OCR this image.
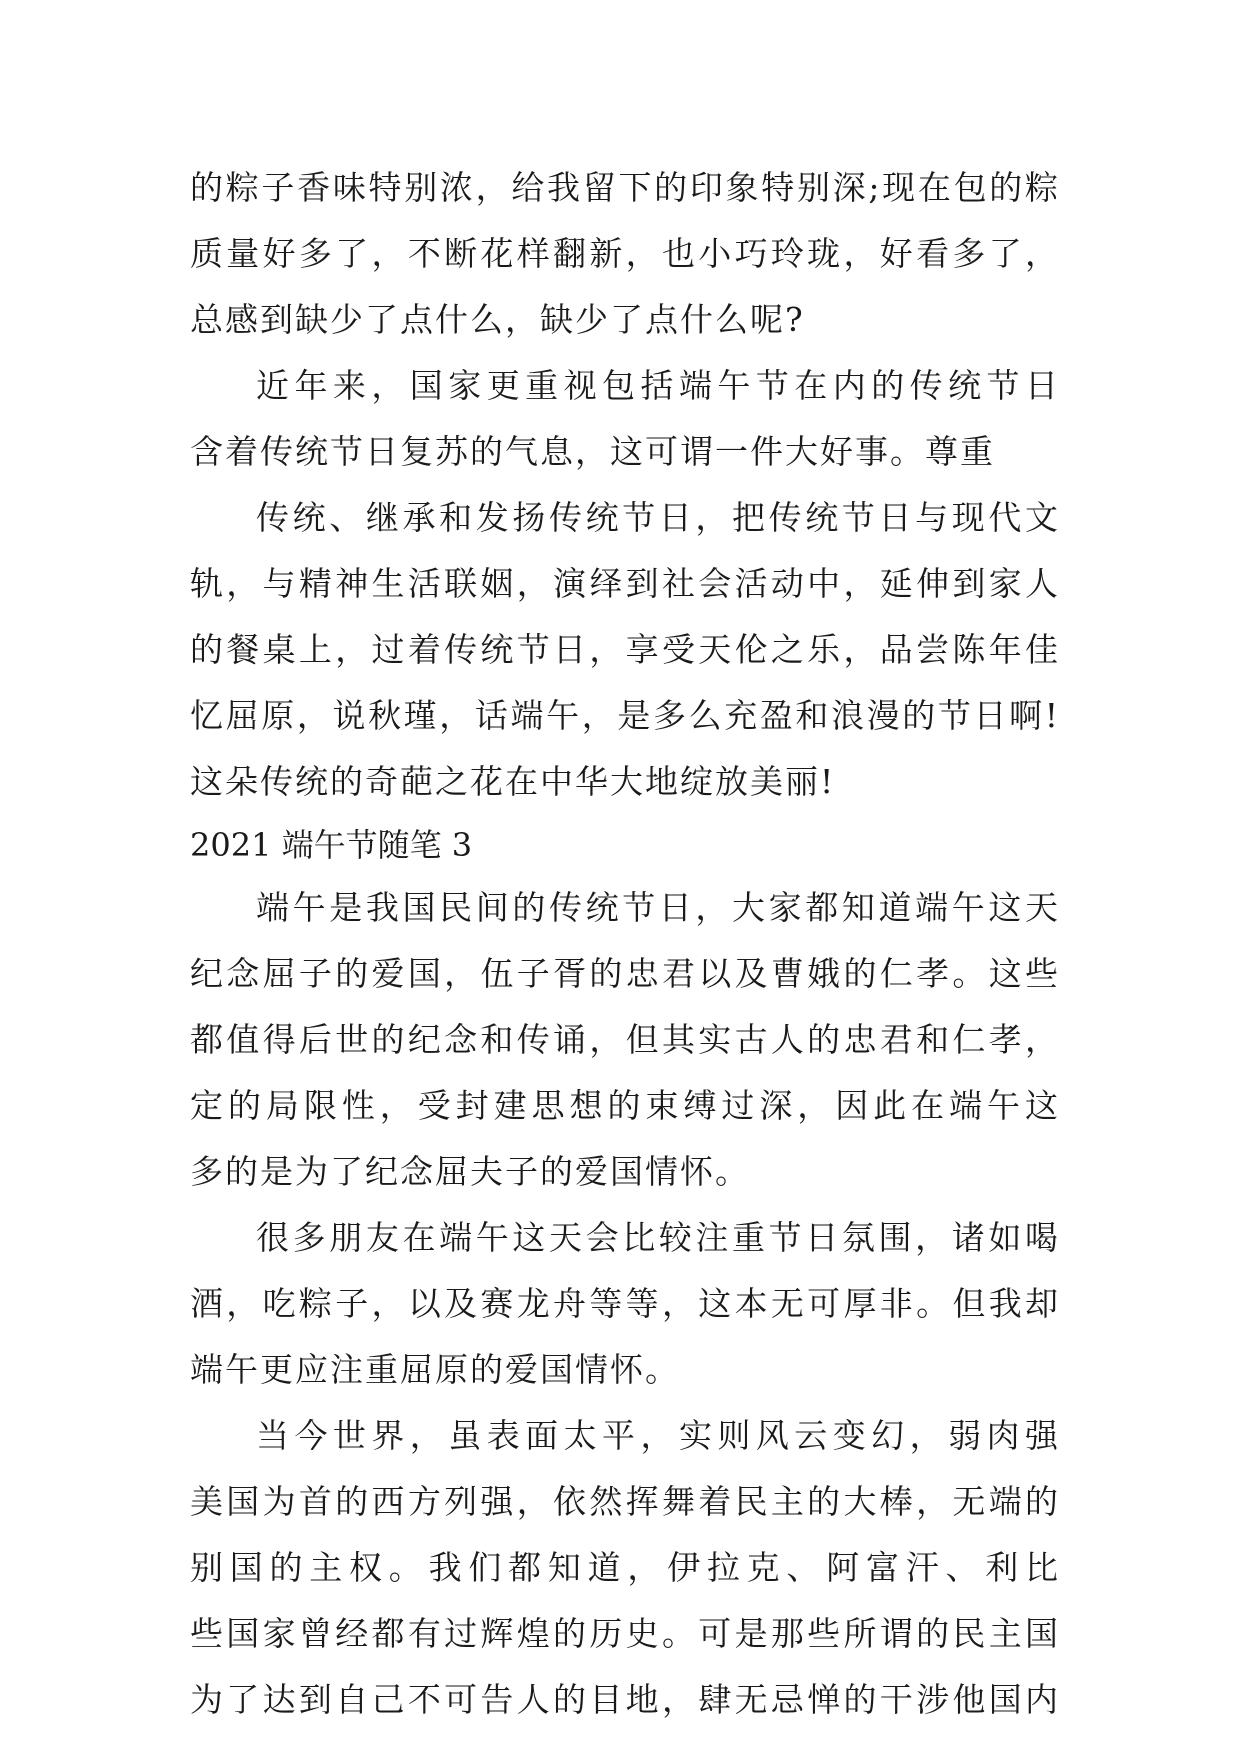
的粽子香味特别浓，给我留下的印象特别深;现在包的粽
质量好多了，不断花样翻新，也小巧玲珑，好看多了，
总感到缺少了点什么，缺少了点什么呢?
近年来，国家更重视包括端午节在内的传统节日
含着传统节日复苏的气息，这可谓一件大好事。尊重
传统、继承和发扬传统节日，把传统节日与现代文
轨，与精神生活联姻，演绎到社会活动中，延伸到家人
的餐桌上，过着传统节日，享受天伦之乐，品尝陈年佳
忆屈原，说秋瑾，话端午，是多么充盈和浪漫的节日啊!
这朵传统的奇葩之花在中华大地绽放美丽!
2021 端午节随笔 3
端午是我国民间的传统节日，大家都知道端午这天
纪念屈子的爱国，伍子胥的忠君以及曹娥的仁孝。这些
都值得后世的纪念和传诵，但其实古人的忠君和仁孝，
定的局限性，受封建思想的束缚过深，因此在端午这
多的是为了纪念屈夫子的爱国情怀。
很多朋友在端午这天会比较注重节日氛围，诸如喝
酒，吃粽子，以及赛龙舟等等，这本无可厚非。但我却
端午更应注重屈原的爱国情怀。
当今世界，虽表面太平，实则风云变幻，弱肉强
美国为首的西方列强，依然挥舞着民主的大棒，无端的
别国的主权。我们都知道，伊拉克、阿富汗、利比
些国家曾经都有过辉煌的历史。可是那些所谓的民主国
为了达到自己不可告人的目地，肆无忌惮的干涉他国内
